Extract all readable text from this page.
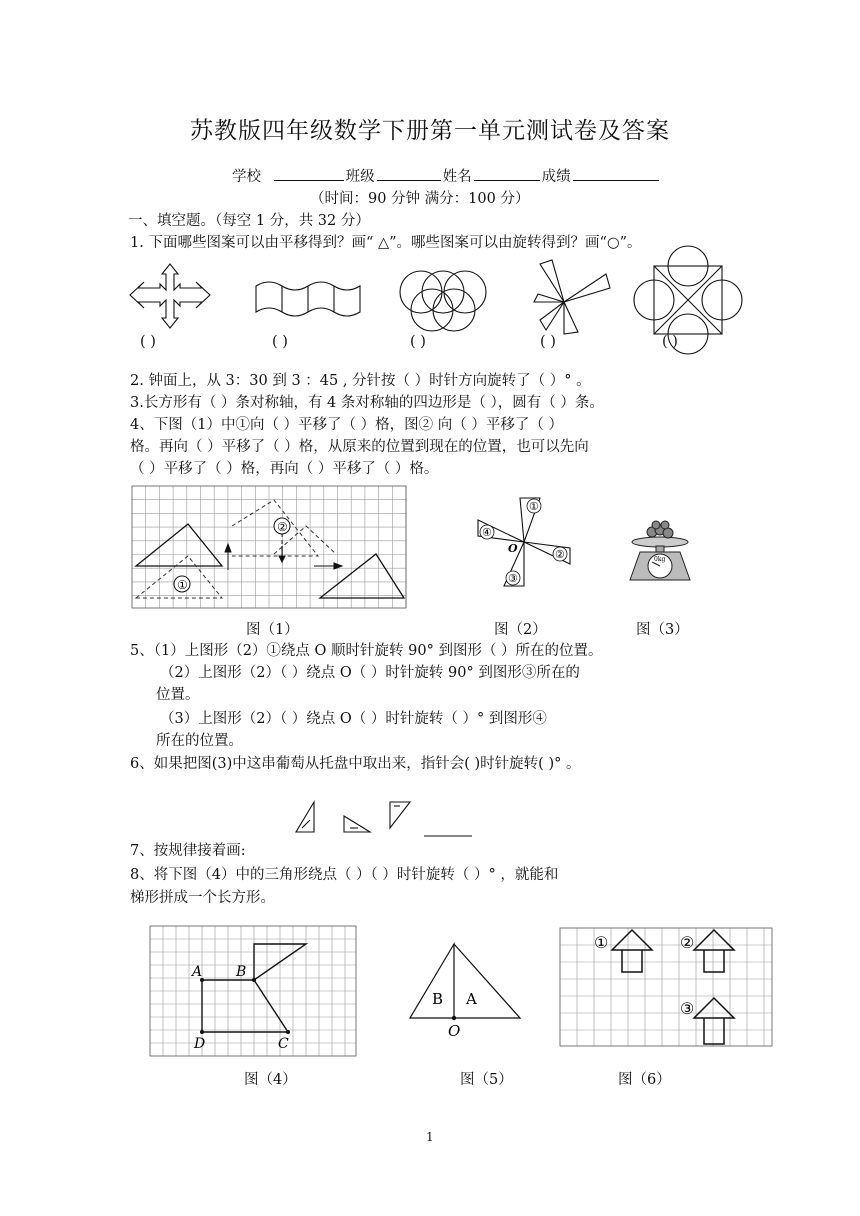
苏教版四年级数学下册第一单元测试卷及答案
学校	班级	姓名	成绩
（时间：90 分钟 满分：100 分）
一、填空题。（每空 1 分，共 32 分）
1. 下面哪些图案可以由平移得到？画“ △”。哪些图案可以由旋转得到？画“○”。
( )	( )	( )	( )	( )
2. 钟面上，从 3：30 到 3 ：45 , 分针按（ ）时针方向旋转了（ ）° 。
3.长方形有（ ）条对称轴，有 4 条对称轴的四边形是（ ），圆有（ ）条。
4、下图（1）中①向（ ）平移了（ ）格，图② 向（ ）平移了（ ）
格。再向（ ）平移了（ ）格，从原来的位置到现在的位置，也可以先向
（ ）平移了（ ）格，再向（ ）平移了（ ）格。
①
②
①
②
③
④
O
0kg
图（1）	图（2）	图（3）
5、（1）上图形（2）①绕点 O 顺时针旋转 90° 到图形（ ）所在的位置。
（2）上图形（2）（ ）绕点 O（ ）时针旋转 90° 到图形③所在的
位置。
（3）上图形（2）（ ）绕点 O（ ）时针旋转（ ）° 到图形④
所在的位置。
6、如果把图(3)中这串葡萄从托盘中取出来，指针会( )时针旋转( )° 。
7、按规律接着画:
8、将下图（4）中的三角形绕点（ ）（ ）时针旋转（ ）° ，就能和
梯形拼成一个长方形。
A B
C
D
B A
O
①	②
③
图（4）	图（5）	图（6）
1
